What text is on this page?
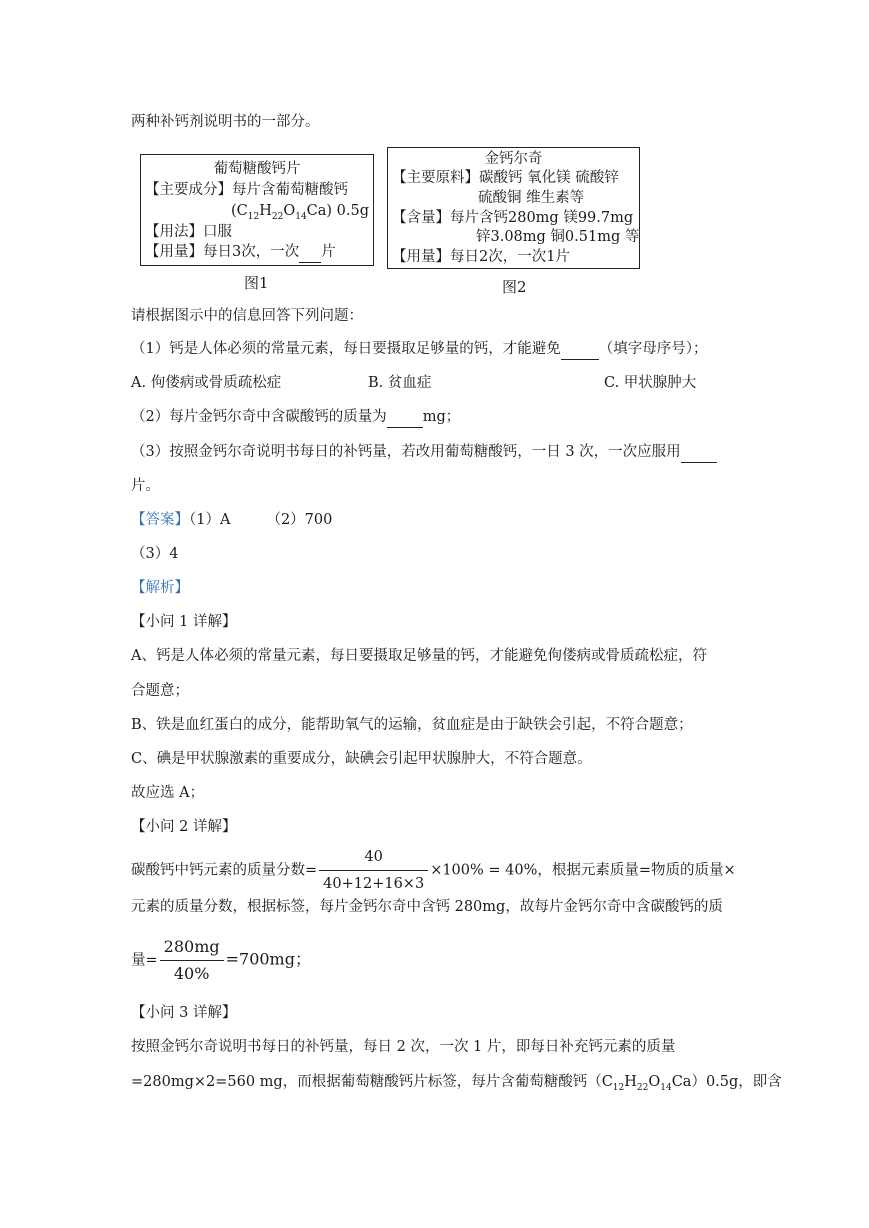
两种补钙剂说明书的一部分。
葡萄糖酸钙片
【主要成分】每片含葡萄糖酸钙
$(C_{12}H_{22}O_{14}Ca)$ 0.5g
【用法】口服
【用量】每日3次，一次 片
图1
金钙尔奇
【主要原料】碳酸钙 氧化镁 硫酸锌
硫酸铜 维生素等
【含量】每片含钙280mg 镁99.7mg
锌3.08mg 铜0.51mg 等
【用量】每日2次，一次1片
图2
请根据图示中的信息回答下列问题：
（1）钙是人体必须的常量元素，每日要摄取足够量的钙，才能避免	（填字母序号）；
A. 佝偻病或骨质疏松症	B. 贫血症	C. 甲状腺肿大
（2）每片金钙尔奇中含碳酸钙的质量为 mg；
（3）按照金钙尔奇说明书每日的补钙量，若改用葡萄糖酸钙，一日 3 次，一次应服用
片。
【答案】（1）A （2）700
（3）4
【解析】
【小问 1 详解】
A、钙是人体必须的常量元素，每日要摄取足够量的钙，才能避免佝偻病或骨质疏松症，符
合题意；
B、铁是血红蛋白的成分，能帮助氧气的运输，贫血症是由于缺铁会引起，不符合题意；
C、碘是甲状腺激素的重要成分，缺碘会引起甲状腺肿大，不符合题意。
故应选 A；
【小问 2 详解】
碳酸钙中钙元素的质量分数= $\frac{40}{40+12+16\times 3} \times 100\% = 40\%$，根据元素质量=物质的质量×
元素的质量分数，根据标签，每片金钙尔奇中含钙 280mg，故每片金钙尔奇中含碳酸钙的质
量= $\frac{280mg}{40\%} =700mg$；
【小问 3 详解】
按照金钙尔奇说明书每日的补钙量，每日 2 次，一次 1 片，即每日补充钙元素的质量
=280mg×2=560 mg，而根据葡萄糖酸钙片标签，每片含葡萄糖酸钙$(C_{12}H_{22}O_{14}Ca)0.5g$，即含
